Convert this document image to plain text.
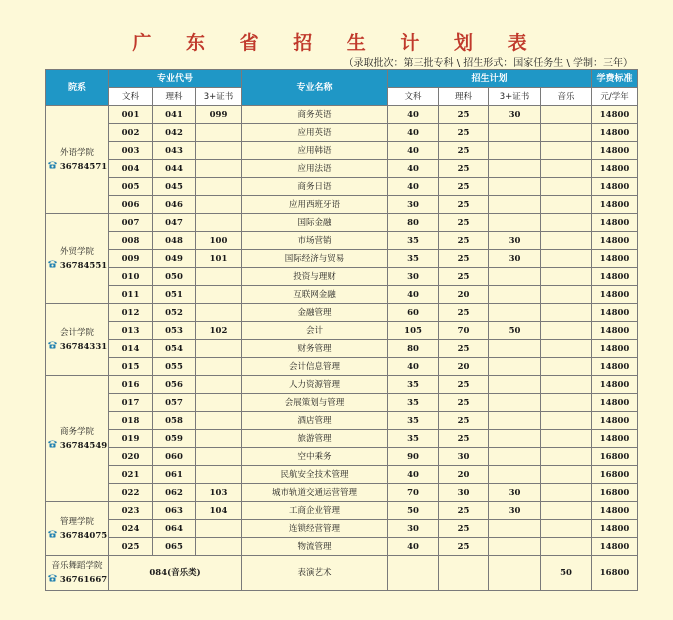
广 东 省 招 生 计 划 表
（录取批次：第三批专科 \ 招生形式：国家任务生 \ 学制：三年）
院系	专业代号			专业名称	招生计划				学费标准
	文科	理科	3+证书		文科	理科	3+证书	音乐	元/学年

外语学院
36784571	001	041	099	商务英语	40	25	30		14800
	002	042		应用英语	40	25			14800
	003	043		应用韩语	40	25			14800
	004	044		应用法语	40	25			14800
	005	045		商务日语	40	25			14800
	006	046		应用西班牙语	30	25			14800

外贸学院
36784551	007	047		国际金融	80	25			14800
	008	048	100	市场营销	35	25	30		14800
	009	049	101	国际经济与贸易	35	25	30		14800
	010	050		投资与理财	30	25			14800
	011	051		互联网金融	40	20			14800

会计学院
36784331	012	052		金融管理	60	25			14800
	013	053	102	会计	105	70	50		14800
	014	054		财务管理	80	25			14800
	015	055		会计信息管理	40	20			14800

商务学院
36784549	016	056		人力资源管理	35	25			14800
	017	057		会展策划与管理	35	25			14800
	018	058		酒店管理	35	25			14800
	019	059		旅游管理	35	25			14800
	020	060		空中乘务	90	30			16800
	021	061		民航安全技术管理	40	20			16800
	022	062	103	城市轨道交通运营管理	70	30	30		16800

管理学院
36784075	023	063	104	工商企业管理	50	25	30		14800
	024	064		连锁经营管理	30	25			14800
	025	065		物流管理	40	25			14800

音乐舞蹈学院
36761667	084(音乐类)			表演艺术				50	16800
